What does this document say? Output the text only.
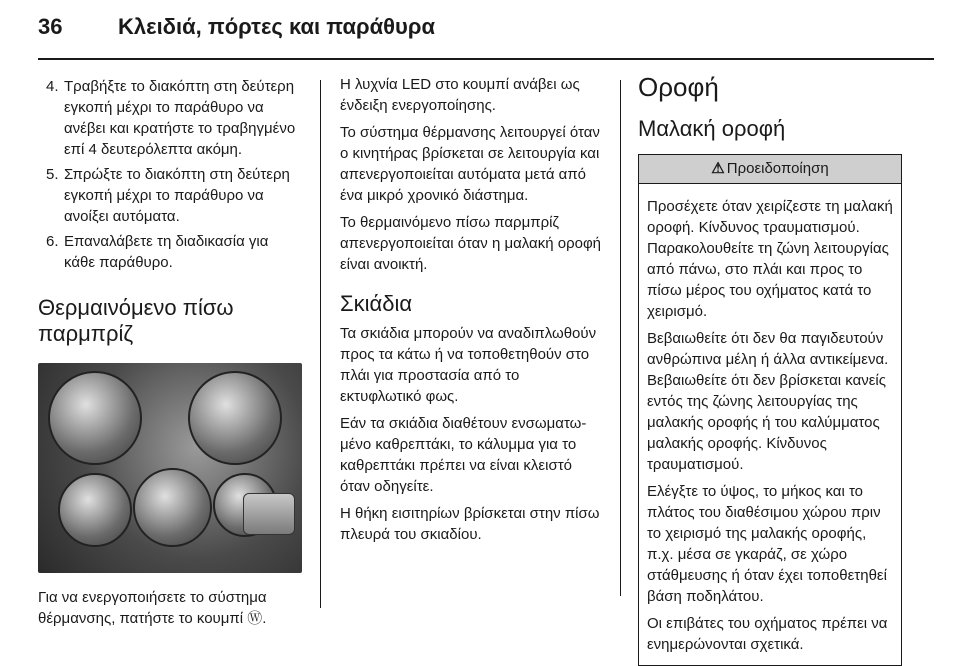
36	Κλειδιά, πόρτες και παράθυρα
4. Τραβήξτε το διακόπτη στη δεύτερη εγκοπή μέχρι το παράθυρο να ανέβει και κρατήστε το τραβηγμένο επί 4 δευτερόλεπτα ακόμη.
5. Σπρώξτε το διακόπτη στη δεύτερη εγκοπή μέχρι το παράθυρο να ανοίξει αυτόματα.
6. Επαναλάβετε τη διαδικασία για κάθε παράθυρο.
Θερμαινόμενο πίσω παρμπρίζ

Για να ενεργοποιήσετε το σύστημα θέρμανσης, πατήστε το κουμπί Ⓦ.

Η λυχνία LED στο κουμπί ανάβει ως ένδειξη ενεργοποίησης.

Το σύστημα θέρμανσης λειτουργεί όταν ο κινητήρας βρίσκεται σε λειτουργία και απενεργοποιείται αυτόματα μετά από ένα μικρό χρονικό διάστημα.

Το θερμαινόμενο πίσω παρμπρίζ απενεργοποιείται όταν η μαλακή οροφή είναι ανοικτή.

Σκιάδια

Τα σκιάδια μπορούν να αναδιπλωθούν προς τα κάτω ή να τοποθετηθούν στο πλάι για προστασία από το εκτυφλωτικό φως.

Εάν τα σκιάδια διαθέτουν ενσωματωμένο καθρεπτάκι, το κάλυμμα για το καθρεπτάκι πρέπει να είναι κλειστό όταν οδηγείτε.

Η θήκη εισιτηρίων βρίσκεται στην πίσω πλευρά του σκιαδίου.

Οροφή
Μαλακή οροφή
⚠ Προειδοποίηση

Προσέχετε όταν χειρίζεστε τη μαλακή οροφή. Κίνδυνος τραυματισμού. Παρακολουθείτε τη ζώνη λειτουργίας από πάνω, στο πλάι και προς το πίσω μέρος του οχήματος κατά το χειρισμό.

Βεβαιωθείτε ότι δεν θα παγιδευτούν ανθρώπινα μέλη ή άλλα αντικείμενα. Βεβαιωθείτε ότι δεν βρίσκεται κανείς εντός της ζώνης λειτουργίας της μαλακής οροφής ή του καλύμματος μαλακής οροφής. Κίνδυνος τραυματισμού.

Ελέγξτε το ύψος, το μήκος και το πλάτος του διαθέσιμου χώρου πριν το χειρισμό της μαλακής οροφής, π.χ. μέσα σε γκαράζ, σε χώρο στάθμευσης ή όταν έχει τοποθετηθεί βάση ποδηλάτου.

Οι επιβάτες του οχήματος πρέπει να ενημερώνονται σχετικά.
